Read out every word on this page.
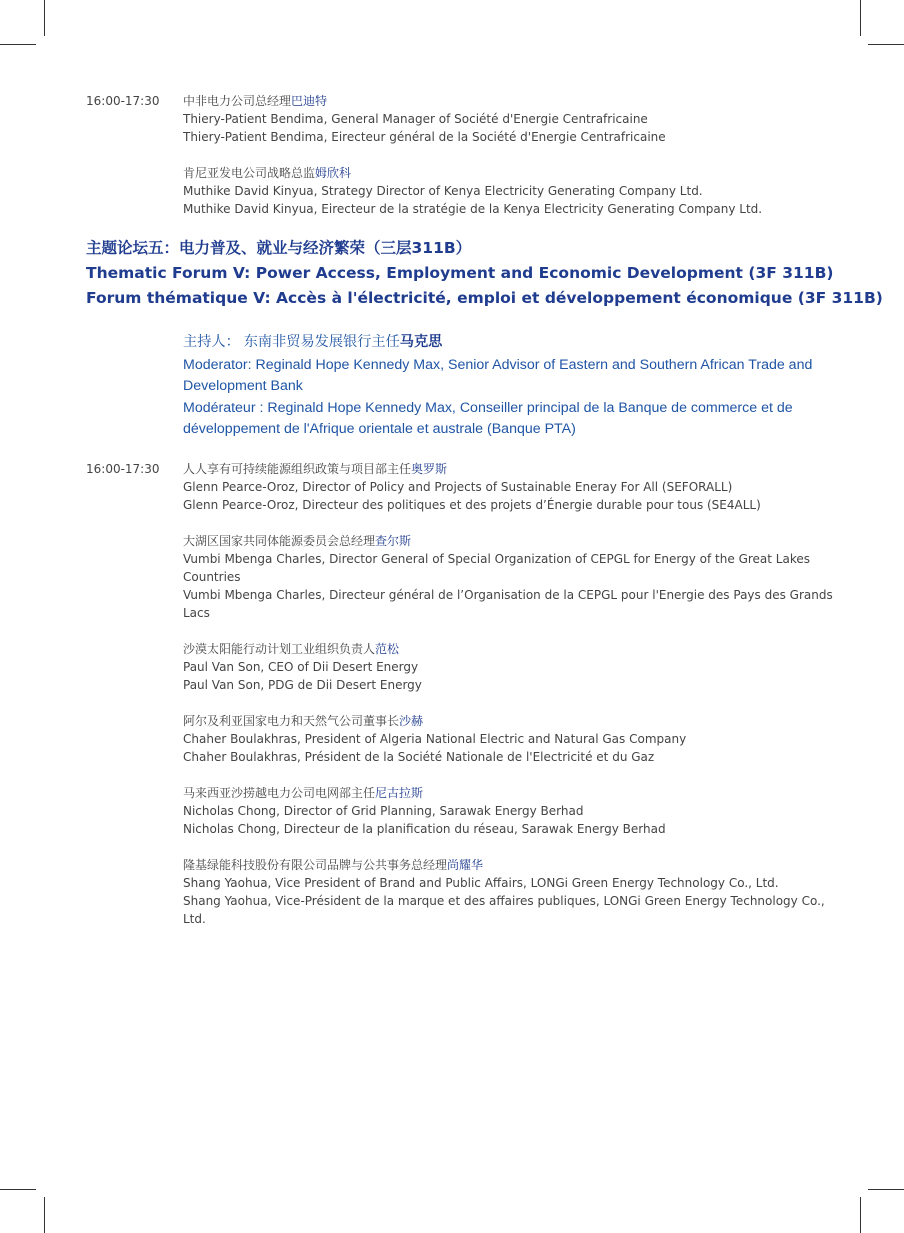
16:00-17:30 中非电力公司总经理巴迪特

Thiery-Patient Bendima, General Manager of Société d'Energie Centrafricaine

Thiery-Patient Bendima, Eirecteur général de la Société d'Energie Centrafricaine

肯尼亚发电公司战略总监姆欣科

Muthike David Kinyua, Strategy Director of Kenya Electricity Generating Company Ltd.

Muthike David Kinyua, Eirecteur de la stratégie de la Kenya Electricity Generating Company Ltd.

主题论坛五：电力普及、就业与经济繁荣（三层311B）

Thematic Forum V: Power Access, Employment and Economic Development (3F 311B)

Forum thématique V: Accès à l'électricité, emploi et développement économique (3F 311B)

主持人： 东南非贸易发展银行主任马克思

Moderator: Reginald Hope Kennedy Max, Senior Advisor of Eastern and Southern African Trade and Development Bank

Modérateur : Reginald Hope Kennedy Max, Conseiller principal de la Banque de commerce et de développement de l'Afrique orientale et australe (Banque PTA)

16:00-17:30 人人享有可持续能源组织政策与项目部主任奥罗斯

Glenn Pearce-Oroz, Director of Policy and Projects of Sustainable Eneray For All (SEFORALL)

Glenn Pearce-Oroz, Directeur des politiques et des projets d’Énergie durable pour tous (SE4ALL)

大湖区国家共同体能源委员会总经理查尔斯

Vumbi Mbenga Charles, Director General of Special Organization of CEPGL for Energy of the Great Lakes Countries

Vumbi Mbenga Charles, Directeur général de l’Organisation de la CEPGL pour l'Energie des Pays des Grands Lacs

沙漠太阳能行动计划工业组织负责人范松

Paul Van Son, CEO of Dii Desert Energy

Paul Van Son, PDG de Dii Desert Energy

阿尔及利亚国家电力和天然气公司董事长沙赫

Chaher Boulakhras, President of Algeria National Electric and Natural Gas Company

Chaher Boulakhras, Président de la Société Nationale de l'Electricité et du Gaz

马来西亚沙捞越电力公司电网部主任尼古拉斯

Nicholas Chong, Director of Grid Planning, Sarawak Energy Berhad

Nicholas Chong, Directeur de la planification du réseau, Sarawak Energy Berhad

隆基绿能科技股份有限公司品牌与公共事务总经理尚耀华

Shang Yaohua, Vice President of Brand and Public Affairs, LONGi Green Energy Technology Co., Ltd.

Shang Yaohua, Vice-Président de la marque et des affaires publiques, LONGi Green Energy Technology Co., Ltd.
